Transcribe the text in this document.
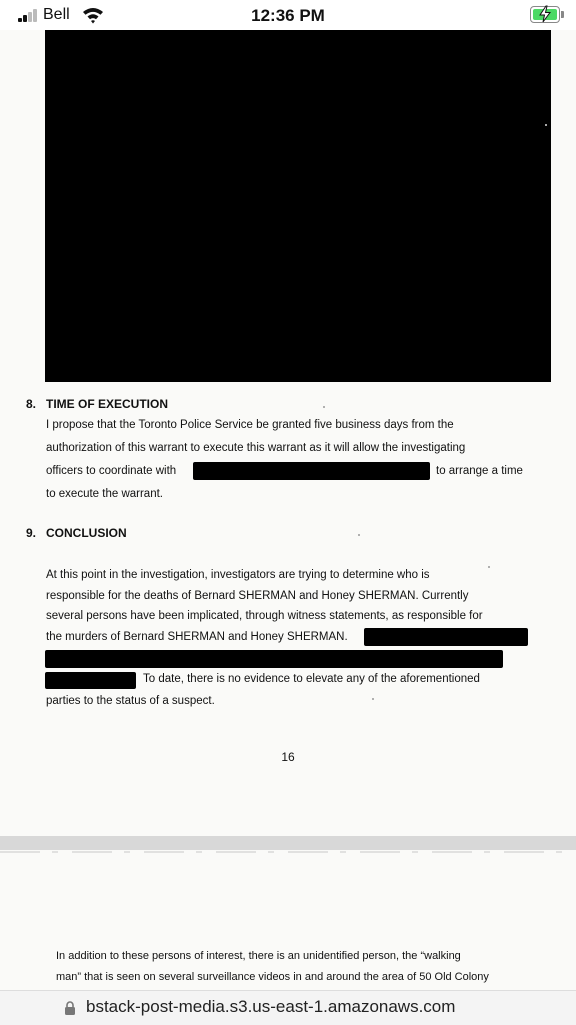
Bell	12:36 PM
8. TIME OF EXECUTION
I propose that the Toronto Police Service be granted five business days from the
authorization of this warrant to execute this warrant as it will allow the investigating
officers to coordinate with	to arrange a time
to execute the warrant.
9. CONCLUSION
At this point in the investigation, investigators are trying to determine who is
responsible for the deaths of Bernard SHERMAN and Honey SHERMAN. Currently
several persons have been implicated, through witness statements, as responsible for
the murders of Bernard SHERMAN and Honey SHERMAN.
To date, there is no evidence to elevate any of the aforementioned
parties to the status of a suspect.
16
In addition to these persons of interest, there is an unidentified person, the “walking
man” that is seen on several surveillance videos in and around the area of 50 Old Colony
bstack-post-media.s3.us-east-1.amazonaws.com
